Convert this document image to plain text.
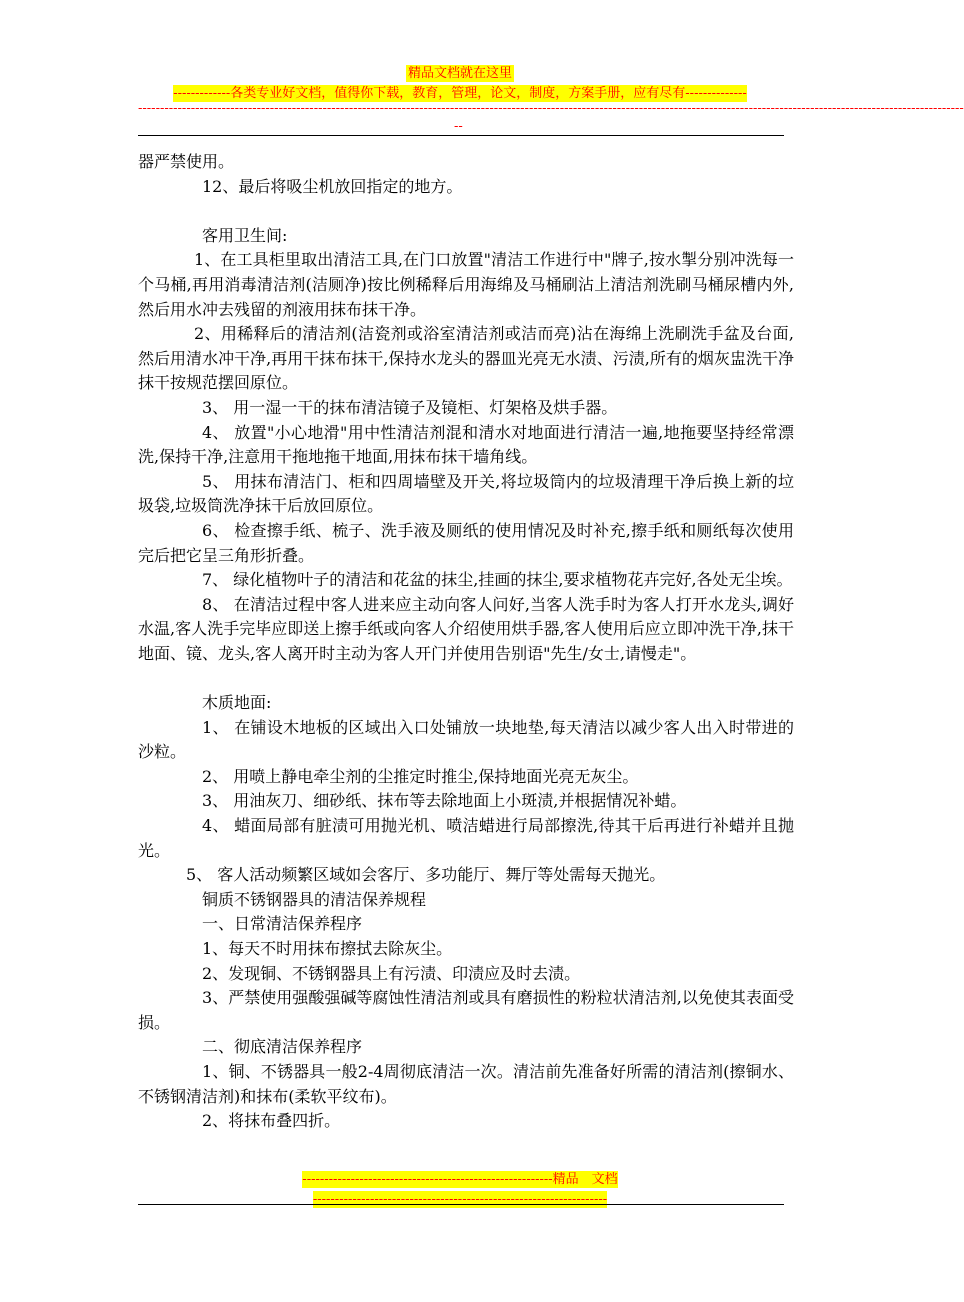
精品文档就在这里
-------------各类专业好文档，值得你下载，教育，管理，论文，制度，方案手册，应有尽有--------------
--------------------------------------------------------------------------------------------------------------------------------------------------------------------------------------------
--

器严禁使用。

12、最后将吸尘机放回指定的地方。

客用卫生间:

1、在工具柜里取出清洁工具,在门口放置"清洁工作进行中"牌子,按水掣分别冲洗每一个马桶,再用消毒清洁剂(洁厕净)按比例稀释后用海绵及马桶刷沾上清洁剂洗刷马桶尿槽内外,然后用水冲去残留的剂液用抹布抹干净。

2、用稀释后的清洁剂(洁瓷剂或浴室清洁剂或洁而亮)沾在海绵上洗刷洗手盆及台面,然后用清水冲干净,再用干抹布抹干,保持水龙头的器皿光亮无水渍、污渍,所有的烟灰盅洗干净抹干按规范摆回原位。

3、 用一湿一干的抹布清洁镜子及镜柜、灯架格及烘手器。

4、 放置"小心地滑"用中性清洁剂混和清水对地面进行清洁一遍,地拖要坚持经常漂洗,保持干净,注意用干拖地拖干地面,用抹布抹干墙角线。

5、 用抹布清洁门、柜和四周墙壁及开关,将垃圾筒内的垃圾清理干净后换上新的垃圾袋,垃圾筒洗净抹干后放回原位。

6、 检查擦手纸、梳子、洗手液及厕纸的使用情况及时补充,擦手纸和厕纸每次使用完后把它呈三角形折叠。

7、 绿化植物叶子的清洁和花盆的抹尘,挂画的抹尘,要求植物花卉完好,各处无尘埃。

8、 在清洁过程中客人进来应主动向客人问好,当客人洗手时为客人打开水龙头,调好水温,客人洗手完毕应即送上擦手纸或向客人介绍使用烘手器,客人使用后应立即冲洗干净,抹干地面、镜、龙头,客人离开时主动为客人开门并使用告别语"先生/女士,请慢走"。

木质地面:

1、 在铺设木地板的区域出入口处铺放一块地垫,每天清洁以减少客人出入时带进的沙粒。

2、 用喷上静电牵尘剂的尘推定时推尘,保持地面光亮无灰尘。

3、 用油灰刀、细砂纸、抹布等去除地面上小斑渍,并根据情况补蜡。

4、 蜡面局部有脏渍可用抛光机、喷洁蜡进行局部擦洗,待其干后再进行补蜡并且抛光。

5、 客人活动频繁区域如会客厅、多功能厅、舞厅等处需每天抛光。

铜质不锈钢器具的清洁保养规程

一、日常清洁保养程序

1、每天不时用抹布擦拭去除灰尘。

2、发现铜、不锈钢器具上有污渍、印渍应及时去渍。

3、严禁使用强酸强碱等腐蚀性清洁剂或具有磨损性的粉粒状清洁剂,以免使其表面受损。

二、彻底清洁保养程序

1、铜、不锈器具一般2-4周彻底清洁一次。清洁前先准备好所需的清洁剂(擦铜水、不锈钢清洁剂)和抹布(柔软平纹布)。

2、将抹布叠四折。

---------------------------------------------------------精品　文档
-------------------------------------------------------------------
